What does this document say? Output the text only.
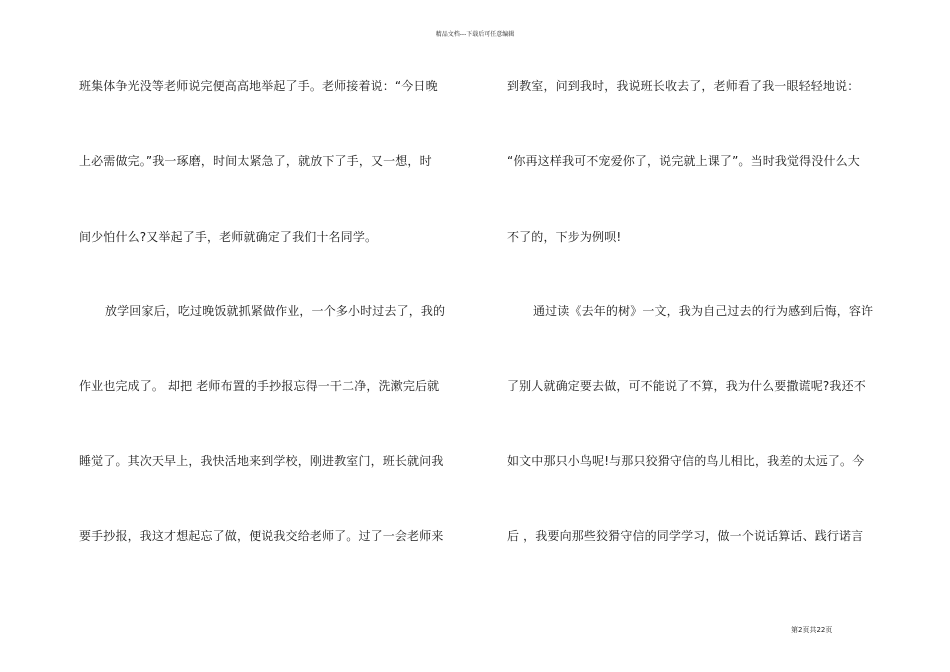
精品文档---下载后可任意编辑
班集体争光没等老师说完便高高地举起了手。老师接着说：“今日晚
上必需做完。”我一琢磨，时间太紧急了，就放下了手，又一想，时
间少怕什么?又举起了手，老师就确定了我们十名同学。
放学回家后，吃过晚饭就抓紧做作业，一个多小时过去了，我的
作业也完成了。 却把 老师布置的手抄报忘得一干二净，洗漱完后就
睡觉了。其次天早上，我快活地来到学校，刚进教室门，班长就问我
要手抄报，我这才想起忘了做，便说我交给老师了。过了一会老师来
到教室，问到我时，我说班长收去了，老师看了我一眼轻轻地说：
“你再这样我可不宠爱你了，说完就上课了”。当时我觉得没什么大
不了的，下步为例呗!
通过读《去年的树》一文，我为自己过去的行为感到后悔，容许
了别人就确定要去做，可不能说了不算，我为什么要撒谎呢?我还不
如文中那只小鸟呢!与那只狡猾守信的鸟儿相比，我差的太远了。今
后 ，我要向那些狡猾守信的同学学习，做一个说话算话、践行诺言
第2页共22页
